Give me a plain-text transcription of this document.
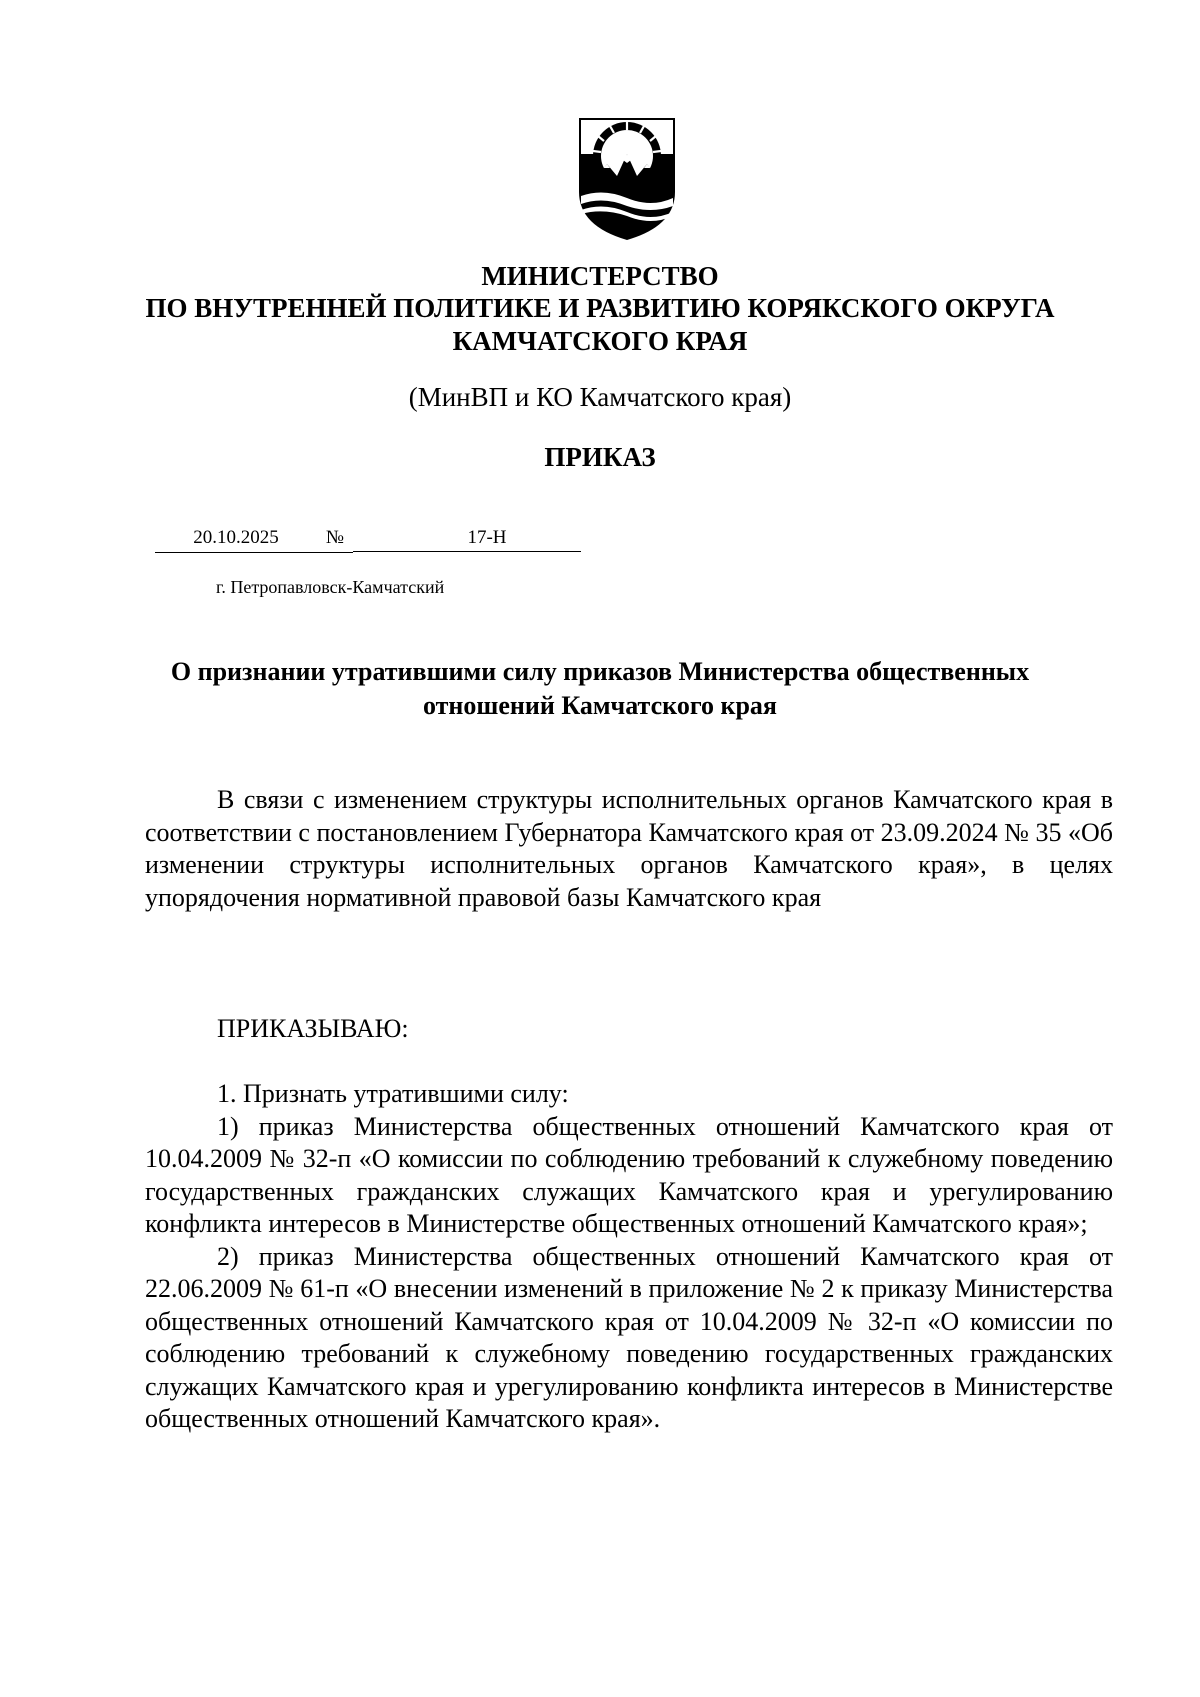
МИНИСТЕРСТВО
ПО ВНУТРЕННЕЙ ПОЛИТИКЕ И РАЗВИТИЮ КОРЯКСКОГО ОКРУГА
КАМЧАТСКОГО КРАЯ
(МинВП и КО Камчатского края)
ПРИКАЗ
20.10.2025	№	17-Н
г. Петропавловск-Камчатский
О признании утратившими силу приказов Министерства общественных
отношений Камчатского края

В связи с изменением структуры исполнительных органов Камчатского края в соответствии с постановлением Губернатора Камчатского края от 23.09.2024 № 35 «Об изменении структуры исполнительных органов Камчатского края», в целях упорядочения нормативной правовой базы Камчатского края

ПРИКАЗЫВАЮ:

1. Признать утратившими силу:

1) приказ Министерства общественных отношений Камчатского края от 10.04.2009 № 32-п «О комиссии по соблюдению требований к служебному поведению государственных гражданских служащих Камчатского края и урегулированию конфликта интересов в Министерстве общественных отношений Камчатского края»;

2) приказ Министерства общественных отношений Камчатского края от 22.06.2009 № 61-п «О внесении изменений в приложение № 2 к приказу Министерства общественных отношений Камчатского края от 10.04.2009 № 32-п «О комиссии по соблюдению требований к служебному поведению государственных гражданских служащих Камчатского края и урегулированию конфликта интересов в Министерстве общественных отношений Камчатского края».
